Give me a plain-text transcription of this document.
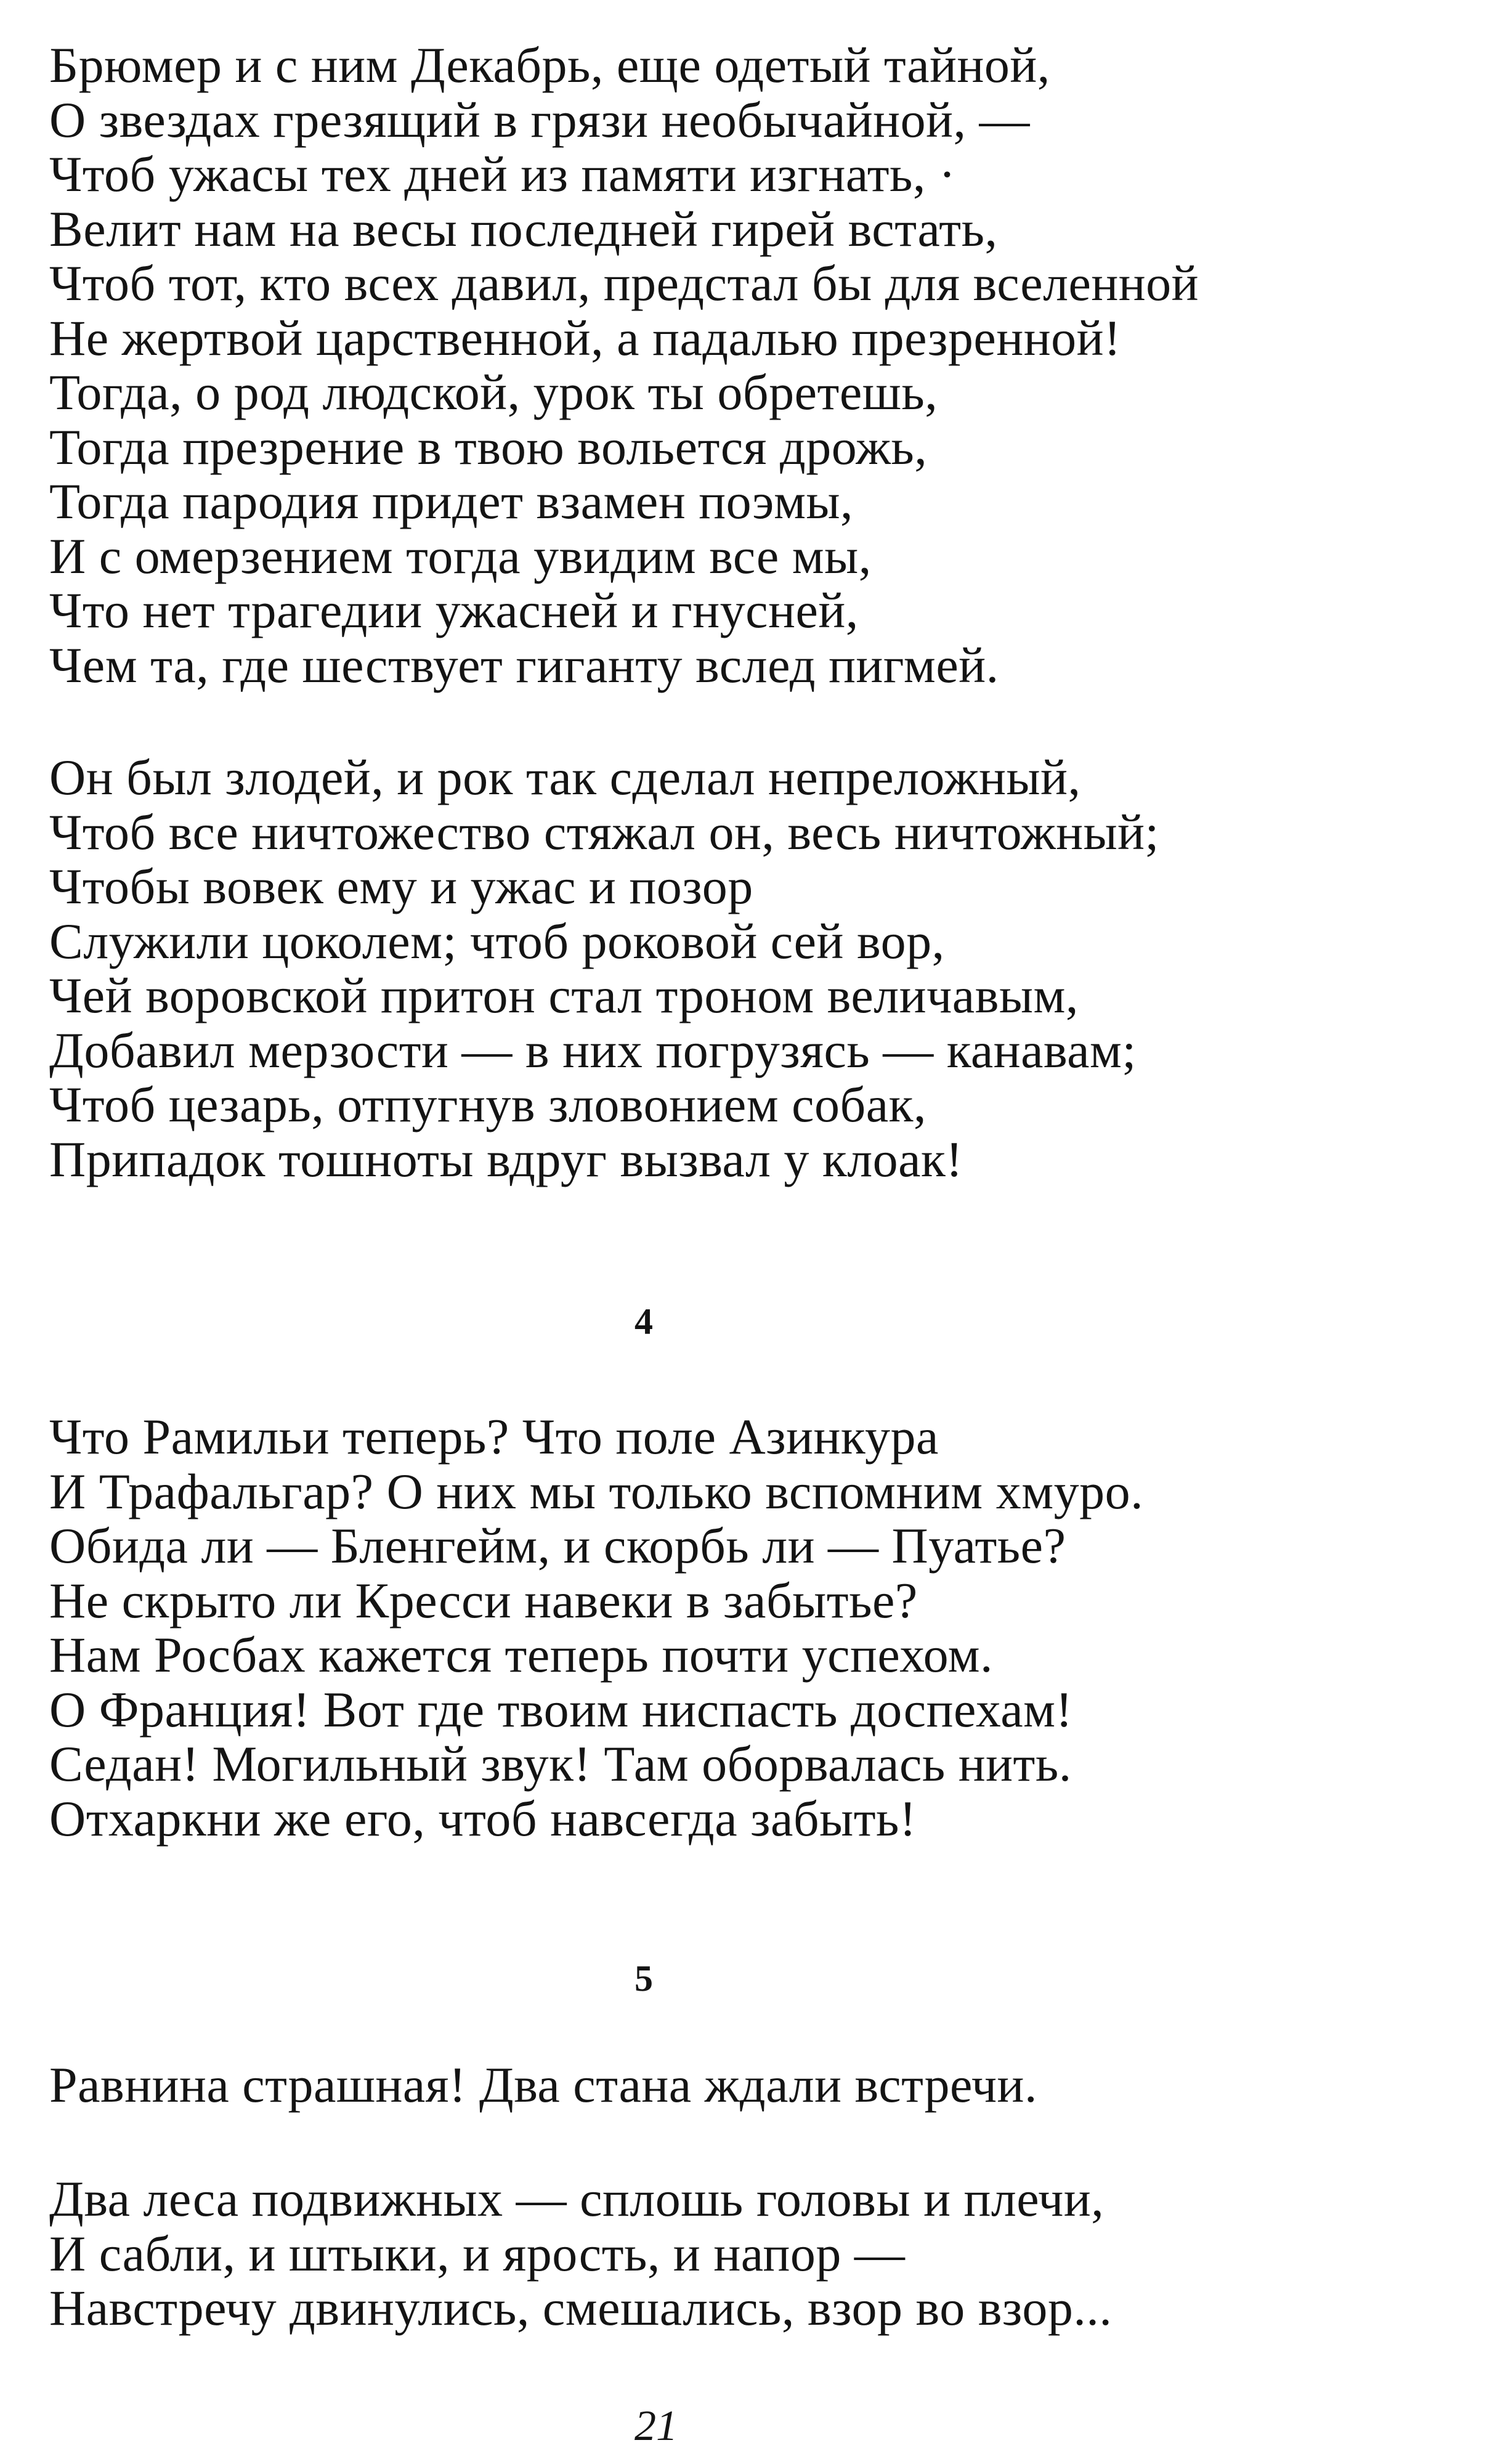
Брюмер и с ним Декабрь, еще одетый тайной,
О звездах грезящий в грязи необычайной, —
Чтоб ужасы тех дней из памяти изгнать, ·
Велит нам на весы последней гирей встать,
Чтоб тот, кто всех давил, предстал бы для вселенной
Не жертвой царственной, а падалью презренной!
Тогда, о род людской, урок ты обретешь,
Тогда презрение в твою вольется дрожь,
Тогда пародия придет взамен поэмы,
И с омерзением тогда увидим все мы,
Что нет трагедии ужасней и гнусней,
Чем та, где шествует гиганту вслед пигмей.
Он был злодей, и рок так сделал непреложный,
Чтоб все ничтожество стяжал он, весь ничтожный;
Чтобы вовек ему и ужас и позор
Служили цоколем; чтоб роковой сей вор,
Чей воровской притон стал троном величавым,
Добавил мерзости — в них погрузясь — канавам;
Чтоб цезарь, отпугнув зловонием собак,
Припадок тошноты вдруг вызвал у клоак!
4
Что Рамильи теперь? Что поле Азинкура
И Трафальгар? О них мы только вспомним хмуро.
Обида ли — Бленгейм, и скорбь ли — Пуатье?
Не скрыто ли Кресси навеки в забытье?
Нам Росбах кажется теперь почти успехом.
О Франция! Вот где твоим ниспасть доспехам!
Седан! Могильный звук! Там оборвалась нить.
Отхаркни же его, чтоб навсегда забыть!
5
Равнина страшная! Два стана ждали встречи.
Два леса подвижных — сплошь головы и плечи,
И сабли, и штыки, и ярость, и напор —
Навстречу двинулись, смешались, взор во взор...
21
